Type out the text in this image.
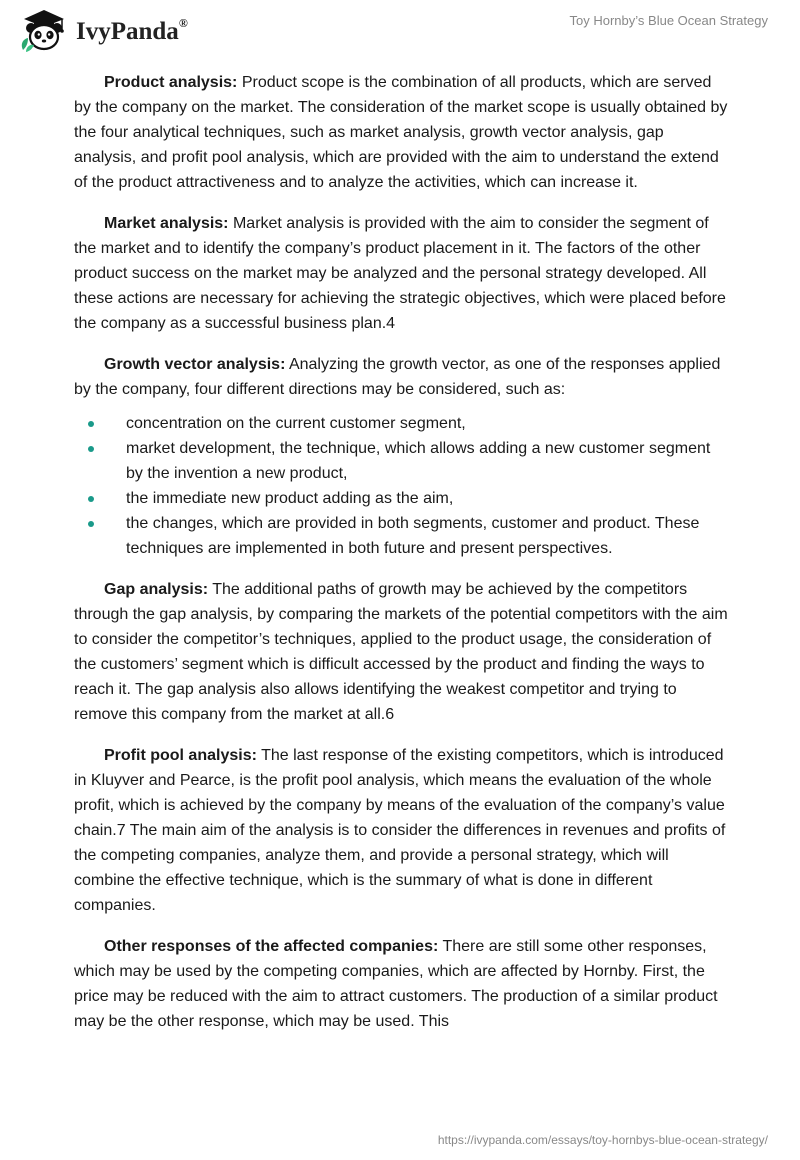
IvyPanda®	Toy Hornby’s Blue Ocean Strategy

Product analysis: Product scope is the combination of all products, which are served by the company on the market. The consideration of the market scope is usually obtained by the four analytical techniques, such as market analysis, growth vector analysis, gap analysis, and profit pool analysis, which are provided with the aim to understand the extend of the product attractiveness and to analyze the activities, which can increase it.

Market analysis: Market analysis is provided with the aim to consider the segment of the market and to identify the company’s product placement in it. The factors of the other product success on the market may be analyzed and the personal strategy developed. All these actions are necessary for achieving the strategic objectives, which were placed before the company as a successful business plan.4

Growth vector analysis: Analyzing the growth vector, as one of the responses applied by the company, four different directions may be considered, such as:

concentration on the current customer segment,
market development, the technique, which allows adding a new customer segment by the invention a new product,
the immediate new product adding as the aim,
the changes, which are provided in both segments, customer and product. These techniques are implemented in both future and present perspectives.

Gap analysis: The additional paths of growth may be achieved by the competitors through the gap analysis, by comparing the markets of the potential competitors with the aim to consider the competitor’s techniques, applied to the product usage, the consideration of the customers’ segment which is difficult accessed by the product and finding the ways to reach it. The gap analysis also allows identifying the weakest competitor and trying to remove this company from the market at all.6

Profit pool analysis: The last response of the existing competitors, which is introduced in Kluyver and Pearce, is the profit pool analysis, which means the evaluation of the whole profit, which is achieved by the company by means of the evaluation of the company’s value chain.7 The main aim of the analysis is to consider the differences in revenues and profits of the competing companies, analyze them, and provide a personal strategy, which will combine the effective technique, which is the summary of what is done in different companies.

Other responses of the affected companies: There are still some other responses, which may be used by the competing companies, which are affected by Hornby. First, the price may be reduced with the aim to attract customers. The production of a similar product may be the other response, which may be used. This

https://ivypanda.com/essays/toy-hornbys-blue-ocean-strategy/
